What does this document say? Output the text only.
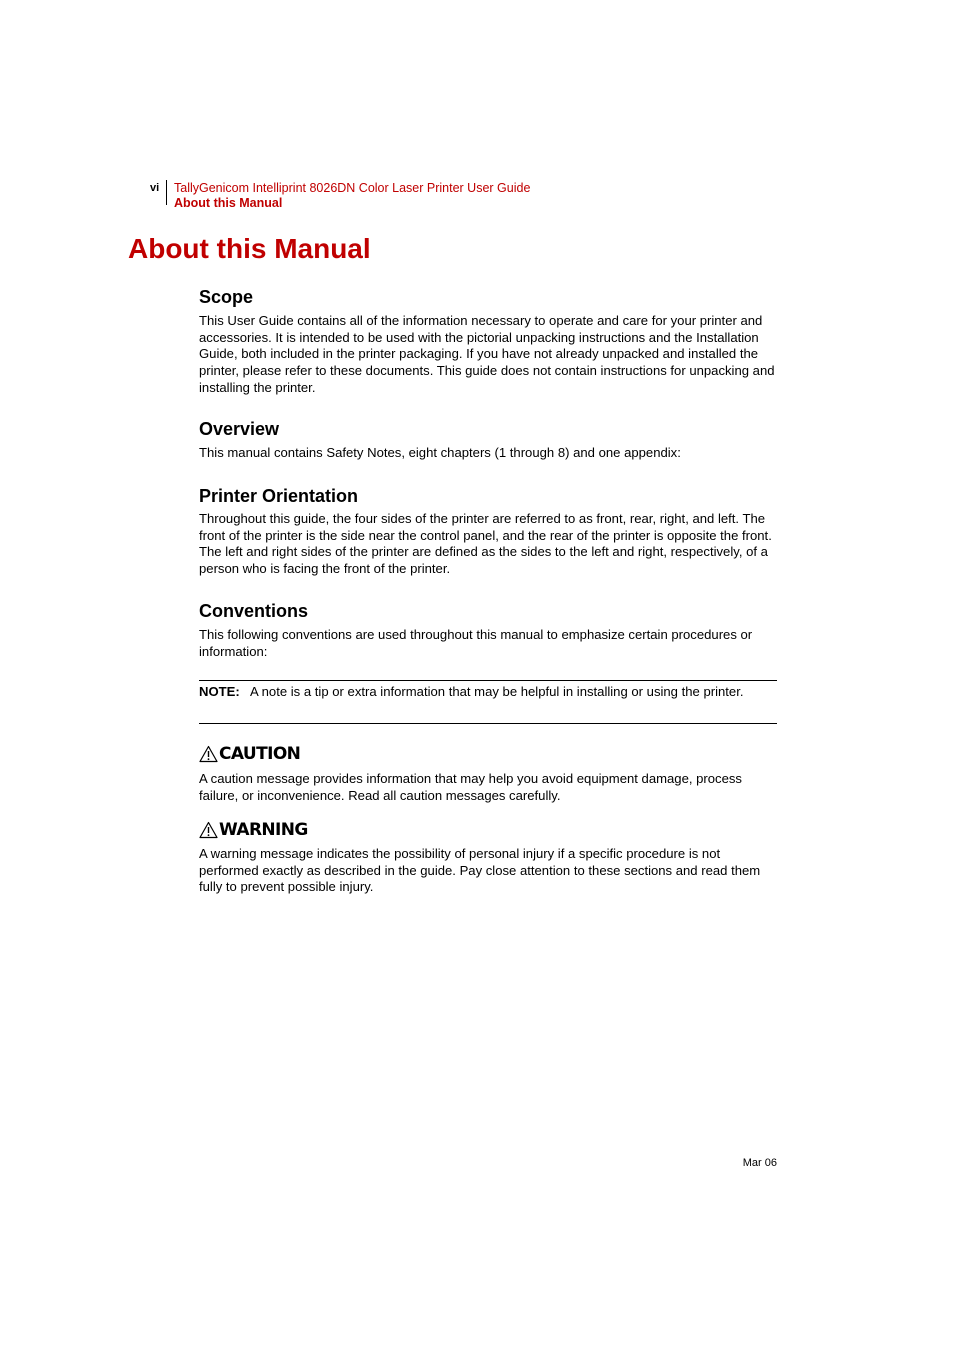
vi TallyGenicom Intelliprint 8026DN Color Laser Printer User Guide
About this Manual
About this Manual
Scope

This User Guide contains all of the information necessary to operate and care for your printer and accessories. It is intended to be used with the pictorial unpacking instructions and the Installation Guide, both included in the printer packaging. If you have not already unpacked and installed the printer, please refer to these documents. This guide does not contain instructions for unpacking and installing the printer.

Overview

This manual contains Safety Notes, eight chapters (1 through 8) and one appendix:

Printer Orientation

Throughout this guide, the four sides of the printer are referred to as front, rear, right, and left. The front of the printer is the side near the control panel, and the rear of the printer is opposite the front. The left and right sides of the printer are defined as the sides to the left and right, respectively, of a person who is facing the front of the printer.

Conventions

This following conventions are used throughout this manual to emphasize certain procedures or information:

NOTE: A note is a tip or extra information that may be helpful in installing or using the printer.
CAUTION

A caution message provides information that may help you avoid equipment damage, process failure, or inconvenience. Read all caution messages carefully.

WARNING

A warning message indicates the possibility of personal injury if a specific procedure is not performed exactly as described in the guide. Pay close attention to these sections and read them fully to prevent possible injury.

Mar 06
